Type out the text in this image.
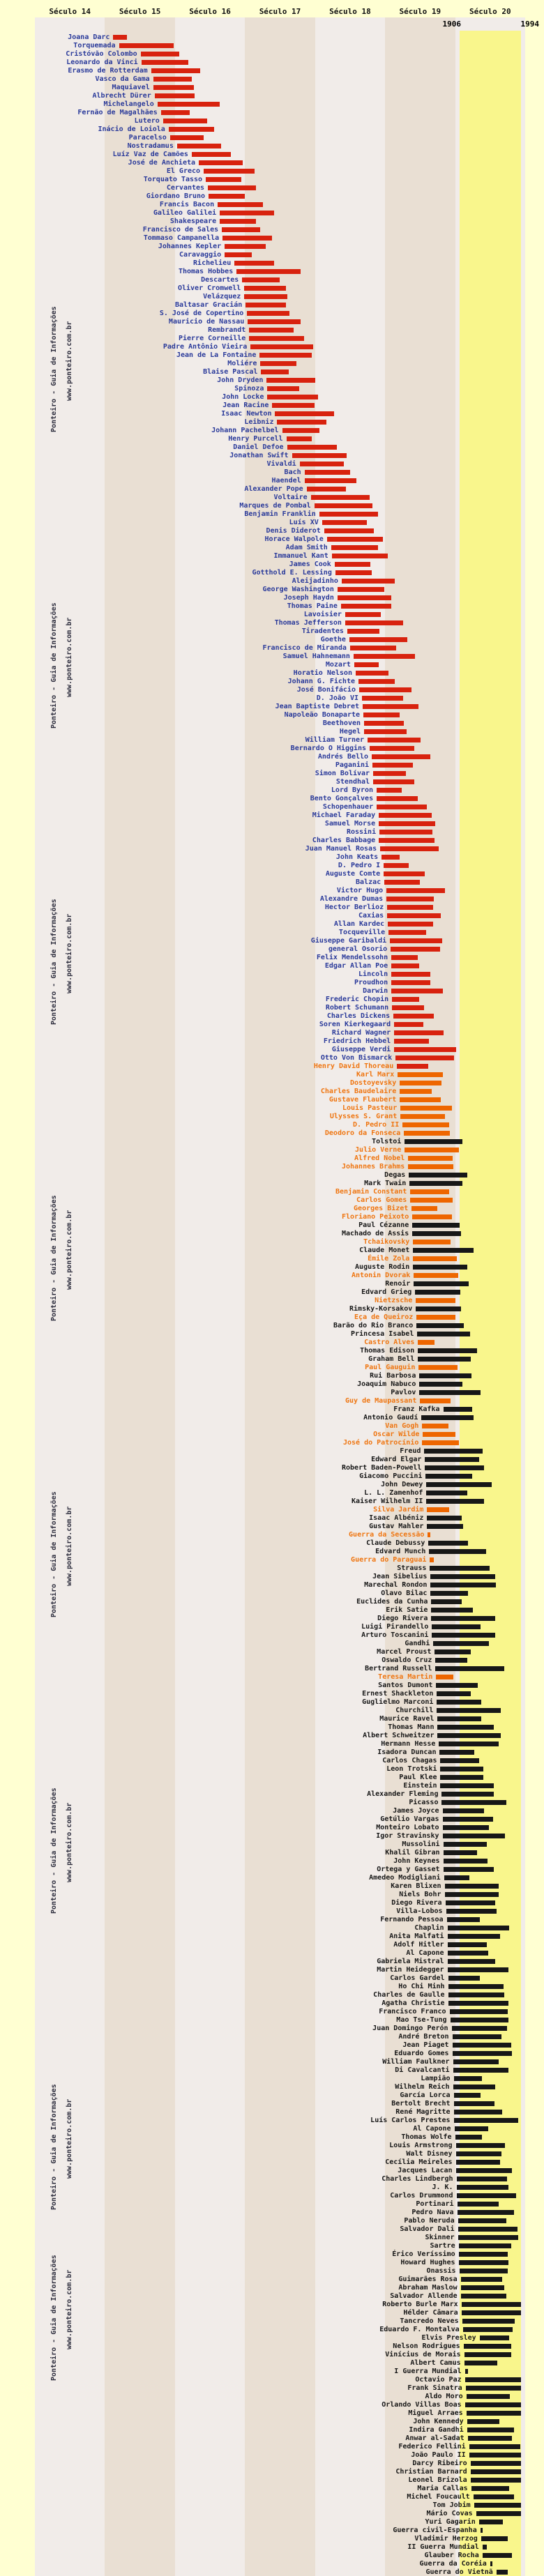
Século 14	Século 15	Século 16	Século 17	Século 18	Século 19	Século 20
1906	1994
Ponteiro - Guia de Informações www.ponteiro.com.br
Ponteiro - Guia de Informações www.ponteiro.com.br
Ponteiro - Guia de Informações www.ponteiro.com.br
Ponteiro - Guia de Informações www.ponteiro.com.br
Ponteiro - Guia de Informações www.ponteiro.com.br
Ponteiro - Guia de Informações www.ponteiro.com.br
Ponteiro - Guia de Informações www.ponteiro.com.br
Ponteiro - Guia de Informações www.ponteiro.com.br
Joana Darc
Torquemada
Cristóvão Colombo
Leonardo da Vinci
Erasmo de Rotterdam
Vasco da Gama
Maquiavel
Albrecht Dürer
Michelangelo
Fernão de Magalhães
Lutero
Inácio de Loiola
Paracelso
Nostradamus
Luíz Vaz de Camões
José de Anchieta
El Greco
Torquato Tasso
Cervantes
Giordano Bruno
Francis Bacon
Galileo Galilei
Shakespeare
Francisco de Sales
Tommaso Campanella
Johannes Kepler
Caravaggio
Richelieu
Thomas Hobbes
Descartes
Oliver Cromwell
Velázquez
Baltasar Gracián
S. José de Copertino
Mauricio de Nassau
Rembrandt
Pierre Corneille
Padre Antônio Vieira
Jean de La Fontaine
Moliére
Blaise Pascal
John Dryden
Spinoza
John Locke
Jean Racine
Isaac Newton
Leibniz
Johann Pachelbel
Henry Purcell
Daniel Defoe
Jonathan Swift
Vivaldi
Bach
Haendel
Alexander Pope
Voltaire
Marques de Pombal
Benjamin Franklin
Luís XV
Denis Diderot
Horace Walpole
Adam Smith
Immanuel Kant
James Cook
Gotthold E. Lessing
Aleijadinho
George Washington
Joseph Haydn
Thomas Paine
Lavoisier
Thomas Jefferson
Tiradentes
Goethe
Francisco de Miranda
Samuel Hahnemann
Mozart
Horatio Nelson
Johann G. Fichte
José Bonifácio
D. João VI
Jean Baptiste Debret
Napoleão Bonaparte
Beethoven
Hegel
William Turner
Bernardo O Higgins
Andrés Bello
Paganini
Simon Bolívar
Stendhal
Lord Byron
Bento Gonçalves
Schopenhauer
Michael Faraday
Samuel Morse
Rossini
Charles Babbage
Juan Manuel Rosas
John Keats
D. Pedro I
Auguste Comte
Balzac
Victor Hugo
Alexandre Dumas
Hector Berlioz
Caxias
Allan Kardec
Tocqueville
Giuseppe Garibaldi
general Osorio
Felix Mendelssohn
Edgar Allan Poe
Lincoln
Proudhon
Darwin
Frederic Chopin
Robert Schumann
Charles Dickens
Soren Kierkegaard
Richard Wagner
Friedrich Hebbel
Giuseppe Verdi
Otto Von Bismarck
Henry David Thoreau
Karl Marx
Dostoyevsky
Charles Baudelaire
Gustave Flaubert
Louis Pasteur
Ulysses S. Grant
D. Pedro II
Deodoro da Fonseca
Tolstoi
Julio Verne
Alfred Nobel
Johannes Brahms
Degas
Mark Twain
Benjamin Constant
Carlos Gomes
Georges Bizet
Floriano Peixoto
Paul Cézanne
Machado de Assis
Tchaikovsky
Claude Monet
Émile Zola
Auguste Rodin
Antonin Dvorak
Renoir
Edvard Grieg
Nietzsche
Rimsky-Korsakov
Eça de Queiroz
Barão do Rio Branco
Princesa Isabel
Castro Alves
Thomas Edison
Graham Bell
Paul Gauguin
Rui Barbosa
Joaquim Nabuco
Pavlov
Guy de Maupassant
Franz Kafka
Antonio Gaudí
Van Gogh
Oscar Wilde
José do Patrocínio
Freud
Edward Elgar
Robert Baden-Powell
Giacomo Puccini
John Dewey
L. L. Zamenhof
Kaiser Wilhelm II
Silva Jardim
Isaac Albéniz
Gustav Mahler
Guerra da Secessão
Claude Debussy
Edvard Munch
Guerra do Paraguai
Strauss
Jean Sibelius
Marechal Rondon
Olavo Bilac
Euclides da Cunha
Erik Satie
Diego Rivera
Luigi Pirandello
Arturo Toscanini
Gandhi
Marcel Proust
Oswaldo Cruz
Bertrand Russell
Teresa Martin
Santos Dumont
Ernest Shackleton
Guglielmo Marconi
Churchill
Maurice Ravel
Thomas Mann
Albert Schweitzer
Hermann Hesse
Isadora Duncan
Carlos Chagas
Leon Trotski
Paul Klee
Einstein
Alexander Fleming
Picasso
James Joyce
Getúlio Vargas
Monteiro Lobato
Igor Stravinsky
Mussolini
Khalil Gibran
John Keynes
Ortega y Gasset
Amedeo Modigliani
Karen Blixen
Niels Bohr
Diego Rivera
Villa-Lobos
Fernando Pessoa
Chaplin
Anita Malfati
Adolf Hitler
Al Capone
Gabriela Mistral
Martin Heidegger
Carlos Gardel
Ho Chi Minh
Charles de Gaulle
Agatha Christie
Francisco Franco
Mao Tse-Tung
Juan Domingo Perón
André Breton
Jean Piaget
Eduardo Gomes
William Faulkner
Di Cavalcanti
Lampião
Wilhelm Reich
García Lorca
Bertolt Brecht
René Magritte
Luís Carlos Prestes
Al Capone
Thomas Wolfe
Louis Armstrong
Walt Disney
Cecília Meireles
Jacques Lacan
Charles Lindbergh
J. K.
Carlos Drummond
Portinari
Pedro Nava
Pablo Neruda
Salvador Dali
Skinner
Sartre
Érico Veríssimo
Howard Hughes
Onassis
Guimarães Rosa
Abraham Maslow
Salvador Allende
Roberto Burle Marx
Hélder Câmara
Tancredo Neves
Eduardo F. Montalva
Elvis Presley
Nelson Rodrigues
Vinícius de Morais
Albert Camus
I Guerra Mundial
Octavio Paz
Frank Sinatra
Aldo Moro
Orlando Villas Boas
Miguel Arraes
John Kennedy
Indira Gandhi
Anwar al-Sadat
Federico Fellini
João Paulo II
Darcy Ribeiro
Christian Barnard
Leonel Brizola
Maria Callas
Michel Foucault
Tom Jobim
Mário Covas
Yuri Gagarin
Guerra civil-Espanha
Vladimir Herzog
II Guerra Mundial
Glauber Rocha
Guerra da Coréia
Guerra do Vietnã
